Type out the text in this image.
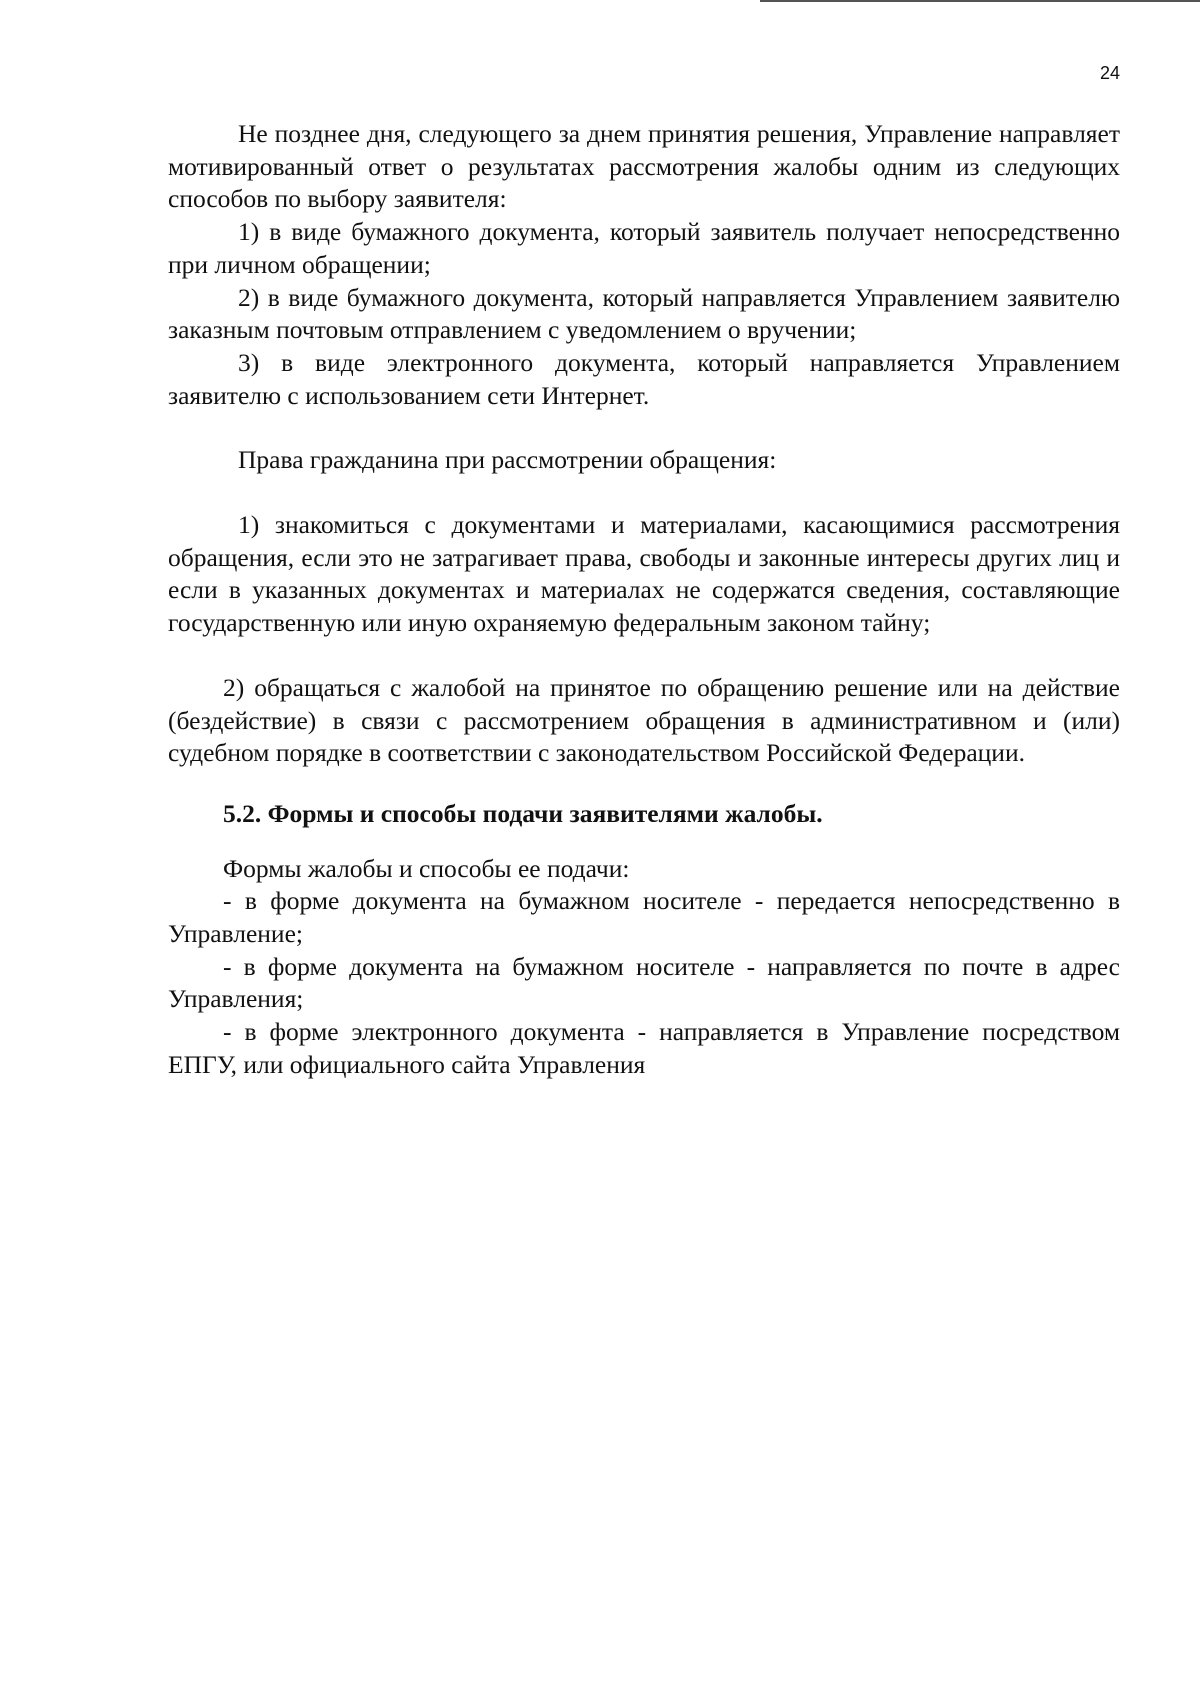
24

Не позднее дня, следующего за днем принятия решения, Управление направляет мотивированный ответ о результатах рассмотрения жалобы одним из следующих способов по выбору заявителя:

1) в виде бумажного документа, который заявитель получает непосредственно при личном обращении;

2) в виде бумажного документа, который направляется Управлением заявителю заказным почтовым отправлением с уведомлением о вручении;

3) в виде электронного документа, который направляется Управлением заявителю с использованием сети Интернет.

Права гражданина при рассмотрении обращения:

1) знакомиться с документами и материалами, касающимися рассмотрения обращения, если это не затрагивает права, свободы и законные интересы других лиц и если в указанных документах и материалах не содержатся сведения, составляющие государственную или иную охраняемую федеральным законом тайну;

2) обращаться с жалобой на принятое по обращению решение или на действие (бездействие) в связи с рассмотрением обращения в административном и (или) судебном порядке в соответствии с законодательством Российской Федерации.

5.2. Формы и способы подачи заявителями жалобы.

Формы жалобы и способы ее подачи:

- в форме документа на бумажном носителе - передается непосредственно в Управление;

- в форме документа на бумажном носителе - направляется по почте в адрес Управления;

- в форме электронного документа - направляется в Управление посредством ЕПГУ, или официального сайта Управления
